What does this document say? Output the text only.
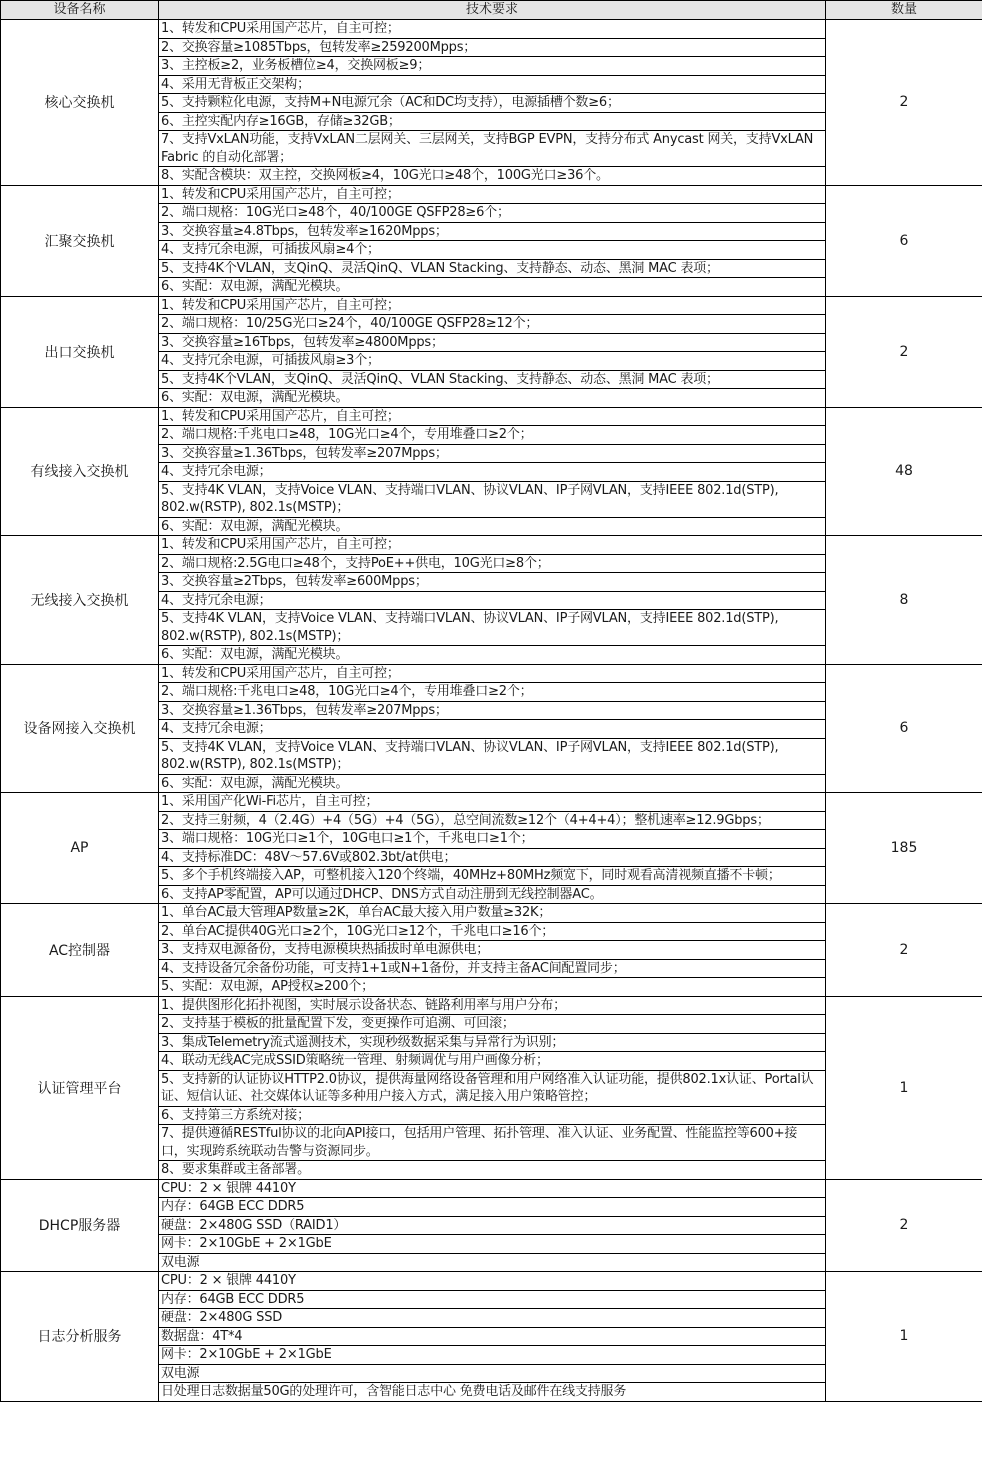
设备名称	技术要求	数量
核心交换机	1、转发和CPU采用国产芯片，自主可控；	2
	2、交换容量≥1085Tbps，包转发率≥259200Mpps；	
	3、主控板≥2，业务板槽位≥4，交换网板≥9；	
	4、采用无背板正交架构；	
	5、支持颗粒化电源，支持M+N电源冗余（AC和DC均支持），电源插槽个数≥6；	
	6、主控实配内存≥16GB，存储≥32GB；	
	7、支持VxLAN功能，支持VxLAN二层网关、三层网关，支持BGP EVPN，支持分布式 Anycast 网关，支持VxLAN Fabric 的自动化部署；	
	8、实配含模块：双主控，交换网板≥4，10G光口≥48个，100G光口≥36个。	
汇聚交换机	1、转发和CPU采用国产芯片，自主可控；	6
	2、端口规格：10G光口≥48个，40/100GE QSFP28≥6个；	
	3、交换容量≥4.8Tbps，包转发率≥1620Mpps；	
	4、支持冗余电源，可插拔风扇≥4个；	
	5、支持4K个VLAN，支QinQ、灵活QinQ、VLAN Stacking、支持静态、动态、黑洞 MAC 表项；	
	6、实配：双电源，满配光模块。	
出口交换机	1、转发和CPU采用国产芯片，自主可控；	2
	2、端口规格：10/25G光口≥24个，40/100GE QSFP28≥12个；	
	3、交换容量≥16Tbps，包转发率≥4800Mpps；	
	4、支持冗余电源，可插拔风扇≥3个；	
	5、支持4K个VLAN，支QinQ、灵活QinQ、VLAN Stacking、支持静态、动态、黑洞 MAC 表项；	
	6、实配：双电源，满配光模块。	
有线接入交换机	1、转发和CPU采用国产芯片，自主可控；	48
	2、端口规格:千兆电口≥48，10G光口≥4个，专用堆叠口≥2个；	
	3、交换容量≥1.36Tbps，包转发率≥207Mpps；	
	4、支持冗余电源；	
	5、支持4K VLAN，支持Voice VLAN、支持端口VLAN、协议VLAN、IP子网VLAN，支持IEEE 802.1d(STP), 802.w(RSTP), 802.1s(MSTP)；	
	6、实配：双电源，满配光模块。	
无线接入交换机	1、转发和CPU采用国产芯片，自主可控；	8
	2、端口规格:2.5G电口≥48个，支持PoE++供电，10G光口≥8个；	
	3、交换容量≥2Tbps，包转发率≥600Mpps；	
	4、支持冗余电源；	
	5、支持4K VLAN，支持Voice VLAN、支持端口VLAN、协议VLAN、IP子网VLAN，支持IEEE 802.1d(STP), 802.w(RSTP), 802.1s(MSTP)；	
	6、实配：双电源，满配光模块。	
设备网接入交换机	1、转发和CPU采用国产芯片，自主可控；	6
	2、端口规格:千兆电口≥48，10G光口≥4个，专用堆叠口≥2个；	
	3、交换容量≥1.36Tbps，包转发率≥207Mpps；	
	4、支持冗余电源；	
	5、支持4K VLAN，支持Voice VLAN、支持端口VLAN、协议VLAN、IP子网VLAN，支持IEEE 802.1d(STP), 802.w(RSTP), 802.1s(MSTP)；	
	6、实配：双电源，满配光模块。	
AP	1、采用国产化Wi-Fi芯片，自主可控；	185
	2、支持三射频，4（2.4G）+4（5G）+4（5G），总空间流数≥12个（4+4+4）；整机速率≥12.9Gbps；	
	3、端口规格：10G光口≥1个，10G电口≥1个，千兆电口≥1个；	
	4、支持标准DC：48V～57.6V或802.3bt/at供电；	
	5、多个手机终端接入AP，可整机接入120个终端，40MHz+80MHz频宽下，同时观看高清视频直播不卡顿；	
	6、支持AP零配置，AP可以通过DHCP、DNS方式自动注册到无线控制器AC。	
AC控制器	1、单台AC最大管理AP数量≥2K，单台AC最大接入用户数量≥32K；	2
	2、单台AC提供40G光口≥2个，10G光口≥12个，千兆电口≥16个；	
	3、支持双电源备份，支持电源模块热插拔时单电源供电；	
	4、支持设备冗余备份功能，可支持1+1或N+1备份，并支持主备AC间配置同步；	
	5、实配：双电源，AP授权≥200个；	
认证管理平台	1、提供图形化拓扑视图，实时展示设备状态、链路利用率与用户分布；	1
	2、支持基于模板的批量配置下发，变更操作可追溯、可回滚；	
	3、集成Telemetry流式遥测技术，实现秒级数据采集与异常行为识别；	
	4、联动无线AC完成SSID策略统一管理、射频调优与用户画像分析；	
	5、支持新的认证协议HTTP2.0协议，提供海量网络设备管理和用户网络准入认证功能，提供802.1x认证、Portal认证、短信认证、社交媒体认证等多种用户接入方式，满足接入用户策略管控；	
	6、支持第三方系统对接；	
	7、提供遵循RESTful协议的北向API接口，包括用户管理、拓扑管理、准入认证、业务配置、性能监控等600+接口，实现跨系统联动告警与资源同步。	
	8、要求集群或主备部署。	
DHCP服务器	CPU：2 × 银牌 4410Y	2
	内存：64GB ECC DDR5	
	硬盘：2×480G SSD（RAID1）	
	网卡：2×10GbE + 2×1GbE	
	双电源	
日志分析服务	CPU：2 × 银牌 4410Y	1
	内存：64GB ECC DDR5	
	硬盘：2×480G SSD	
	数据盘：4T*4	
	网卡：2×10GbE + 2×1GbE	
	双电源	
	日处理日志数据量50G的处理许可，含智能日志中心 免费电话及邮件在线支持服务	
